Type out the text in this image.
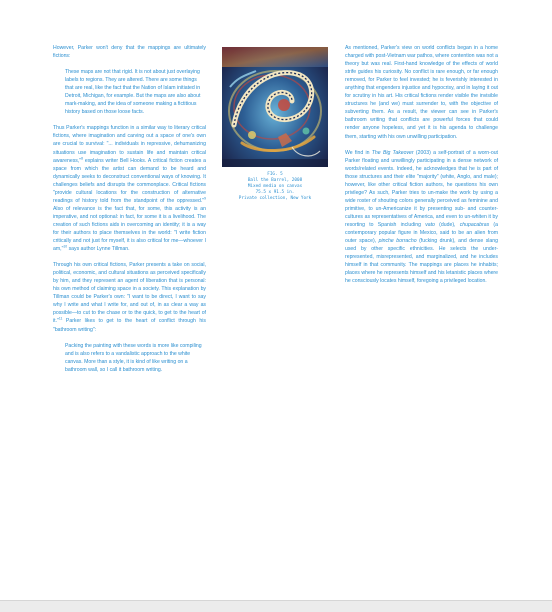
However, Parker won't deny that the mappings are ultimately fictions:

These maps are not that rigid. It is not about just overlaying labels to regions. They are altered. There are some things that are real, like the fact that the Nation of Islam initiated in Detroit, Michigan, for example. But the maps are also about mark-making, and the idea of someone making a fictitious history based on those loose facts.

Thus Parker's mappings function in a similar way to literary critical fictions, where imagination and carving out a space of one's own are crucial to survival: "... individuals in repressive, dehumanizing situations use imagination to sustain life and maintain critical awareness,"$^8$ explains writer Bell Hooks. A critical fiction creates a space from which the artist can demand to be heard and dynamically seeks to deconstruct conventional ways of knowing. It challenges beliefs and disrupts the commonplace. Critical fictions "provide cultural locations for the construction of alternative readings of history told from the standpoint of the oppressed."$^9$ Also of relevance is the fact that, for some, this activity is an imperative, and not optional: in fact, for some it is a livelihood. The creation of such fictions aids in overcoming an identity; it is a way for their authors to place themselves in the world: "I write fiction critically and not just for myself, it is also critical for me—whoever I am,"$^{10}$ says author Lynne Tillman.

Through his own critical fictions, Parker presents a take on social, political, economic, and cultural situations as perceived specifically by him, and they represent an agent of liberation that is personal: his own method of claiming space in a society. This explanation by Tillman could be Parker's own: "I want to be direct, I want to say why I write and what I write for, and out of, in as clear a way as possible—to cut to the chase or to the quick, to get to the heart of it."$^{11}$ Parker likes to get to the heart of conflict through his "bathroom writing":

Packing the painting with these words is more like compiling and is also refers to a vandalistic approach to the white canvas. More than a style, it is kind of like writing on a bathroom wall, so I call it bathroom writing.

FIG. 5
Ball the Barrel, 2008
Mixed media on canvas
75.5 x 91.5 in.
Private collection, New York

As mentioned, Parker's view on world conflicts began in a home charged with post-Vietnam war pathos, where contention was not a theory but was real. First-hand knowledge of the effects of world strife guides his curiosity. No conflict is rare enough, or far enough removed, for Parker to feel invested; he is feverishly interested in anything that engenders injustice and hypocrisy, and in laying it out for scrutiny in his art. His critical fictions render visible the invisible structures he (and we) must surrender to, with the objective of subverting them. As a result, the viewer can see in Parker's bathroom writing that conflicts are powerful forces that could render anyone hopeless, and yet it is his agenda to challenge them, starting with his own unwilling participation.

We find in The Big Takeover (2003) a self-portrait of a worn-out Parker floating and unwillingly participating in a dense network of words/related events. Indeed, he acknowledges that he is part of those structures and their elite "majority" (white, Anglo, and male); however, like other critical fiction authors, he questions his own privilege? As such, Parker tries to un-make the work by using a wide roster of shouting colors generally perceived as feminine and primitive, to un-Americanize it by presenting sub- and counter-cultures as representatives of America, and even to un-whiten it by resorting to Spanish including vato (dude), chupacabras (a contemporary popular figure in Mexico, said to be an alien from outer space), pinche borracho (fucking drunk), and dense slang used by other specific ethnicities. He selects the under-represented, misrepresented, and marginalized, and he includes himself in that community. The mappings are places he inhabits; places where he represents himself and his letanistic places where he consciously locates himself, foregoing a privileged location.
